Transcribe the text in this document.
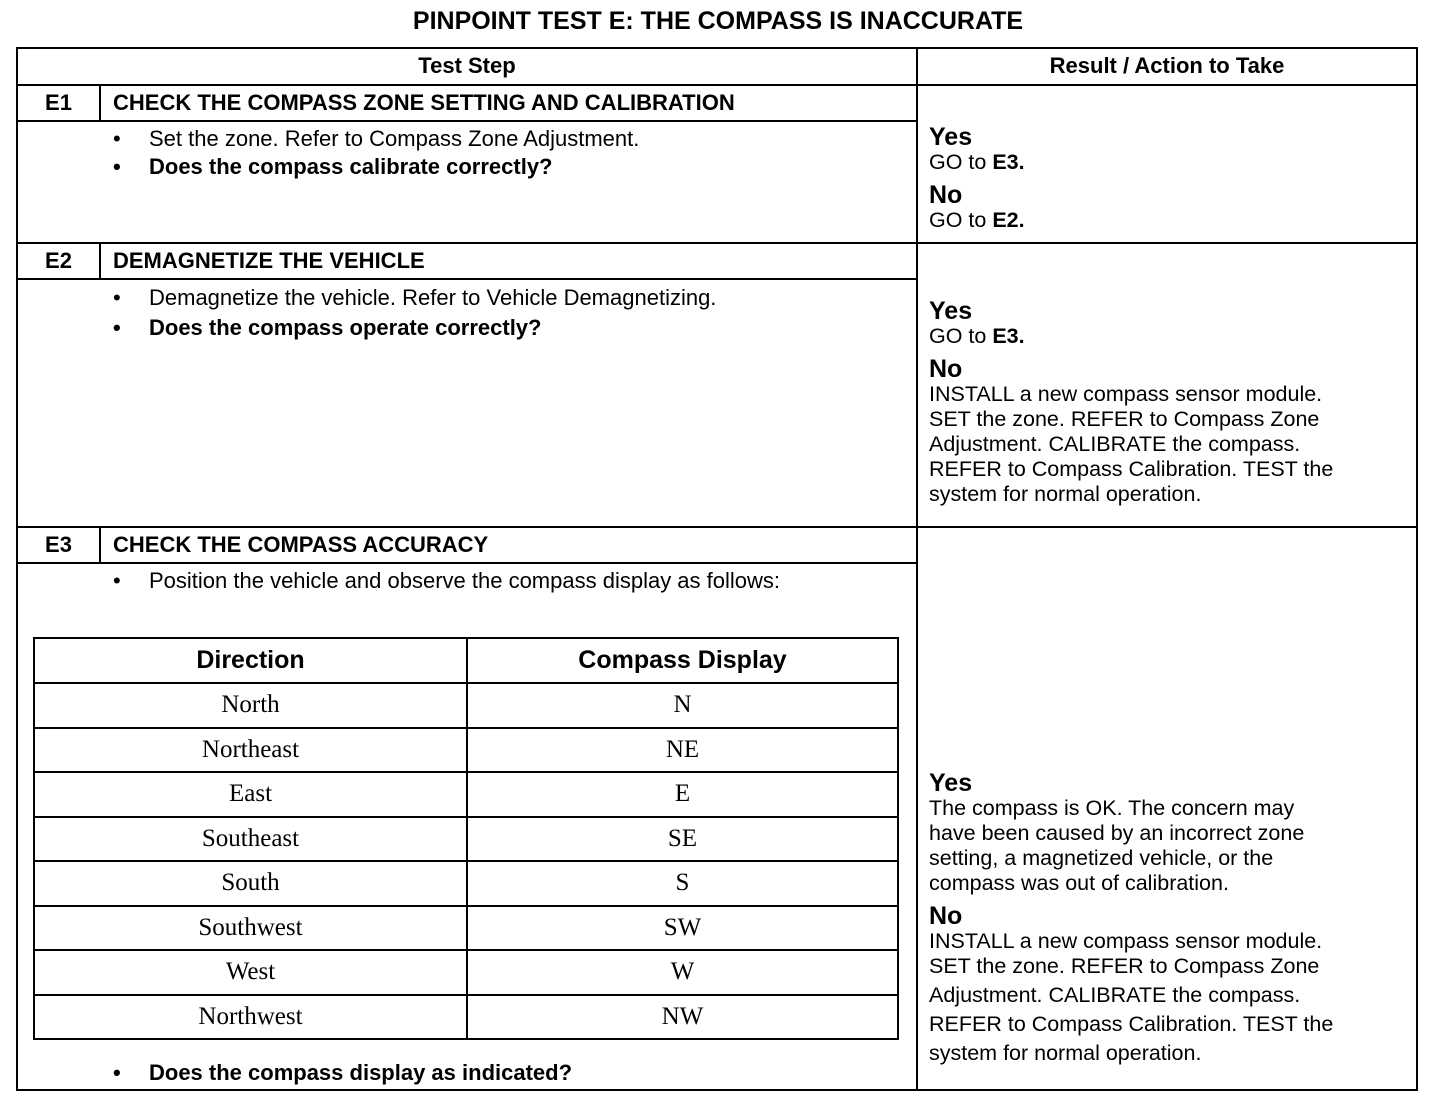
PINPOINT TEST E: THE COMPASS IS INACCURATE
Test Step	Result / Action to Take
E1	CHECK THE COMPASS ZONE SETTING AND CALIBRATION
• Set the zone. Refer to Compass Zone Adjustment.
• Does the compass calibrate correctly?
Yes
GO to E3.
No
GO to E2.
E2	DEMAGNETIZE THE VEHICLE
• Demagnetize the vehicle. Refer to Vehicle Demagnetizing.
• Does the compass operate correctly?
Yes
GO to E3.
No
INSTALL a new compass sensor module.
SET the zone. REFER to Compass Zone
Adjustment. CALIBRATE the compass.
REFER to Compass Calibration. TEST the
system for normal operation.
E3	CHECK THE COMPASS ACCURACY
• Position the vehicle and observe the compass display as follows:
Direction	Compass Display
North	N
Northeast	NE
East	E
Southeast	SE
South	S
Southwest	SW
West	W
Northwest	NW
• Does the compass display as indicated?
Yes
The compass is OK. The concern may
have been caused by an incorrect zone
setting, a magnetized vehicle, or the
compass was out of calibration.
No
INSTALL a new compass sensor module.
SET the zone. REFER to Compass Zone
Adjustment. CALIBRATE the compass.
REFER to Compass Calibration. TEST the
system for normal operation.
